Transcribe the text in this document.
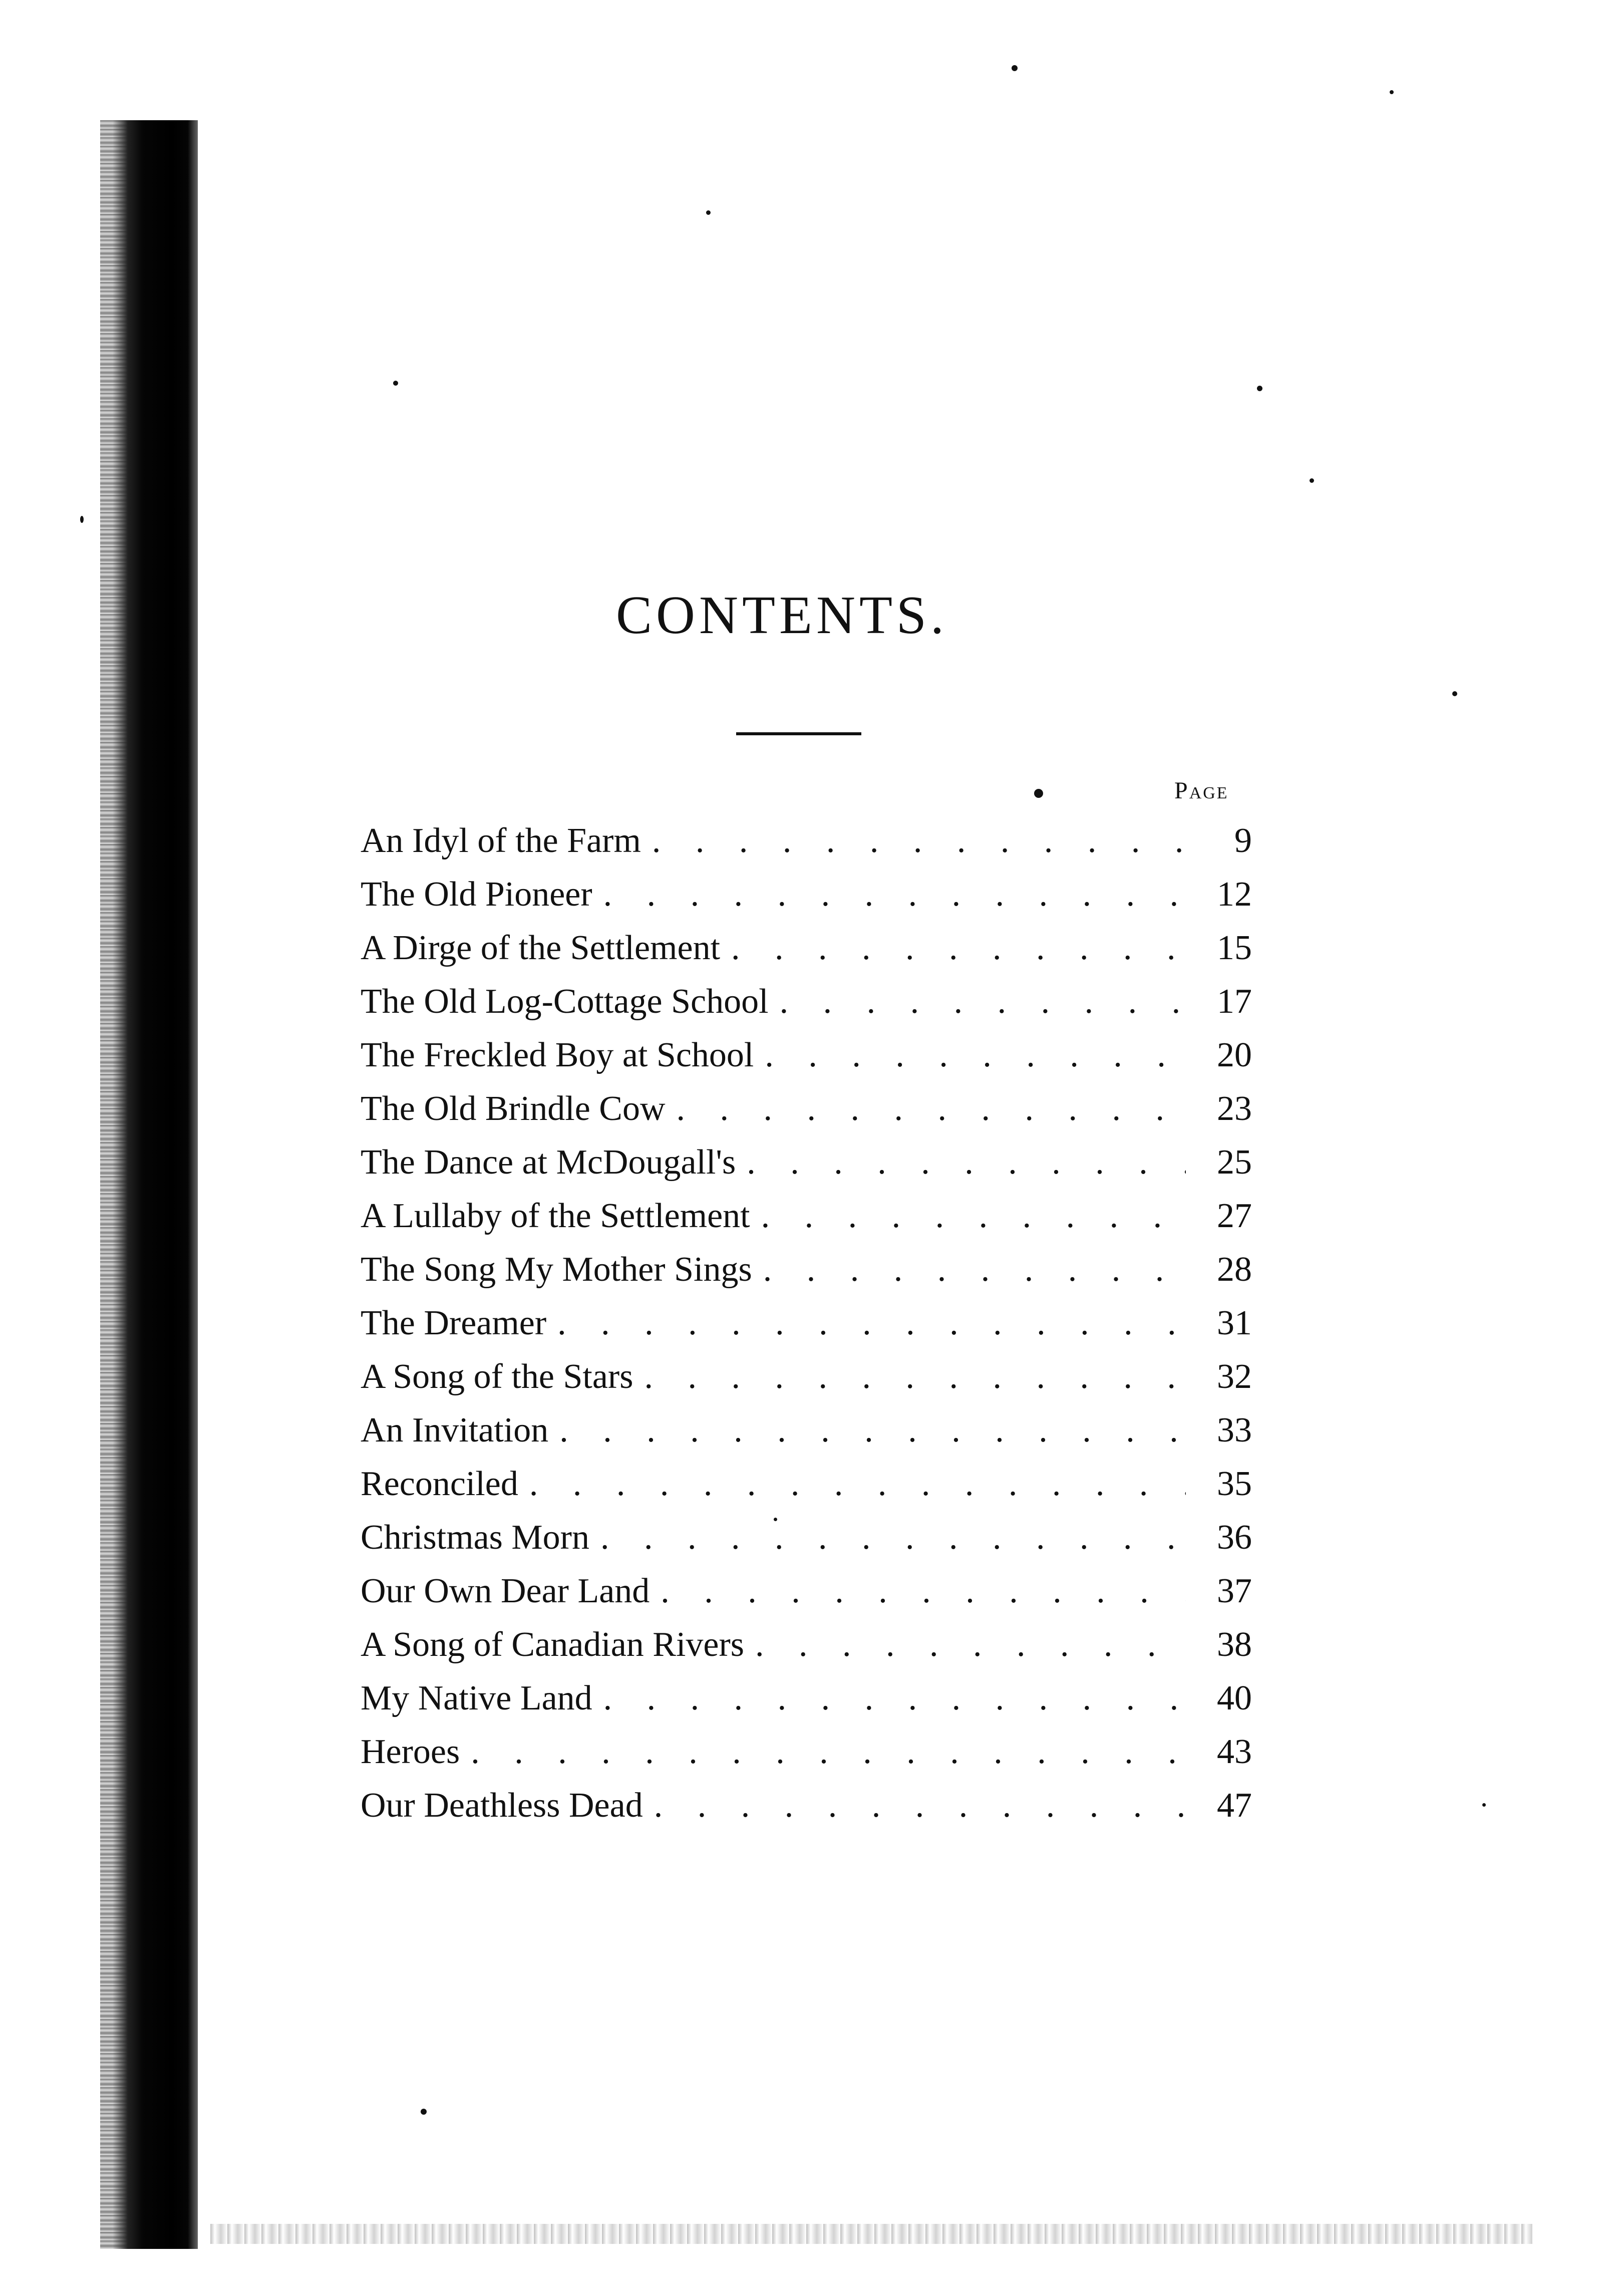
CONTENTS.
Page
An Idyl of the Farm . . .	9
The Old Pioneer . . .	12
A Dirge of the Settlement . . .	15
The Old Log-Cottage School . . .	17
The Freckled Boy at School . . .	20
The Old Brindle Cow . . .	23
The Dance at McDougall's . . .	25
A Lullaby of the Settlement . . .	27
The Song My Mother Sings . . .	28
The Dreamer . . .	31
A Song of the Stars . . .	32
An Invitation . . .	33
Reconciled . . .	35
Christmas Morn . . .	36
Our Own Dear Land . . .	37
A Song of Canadian Rivers . . .	38
My Native Land . . .	40
Heroes . . .	43
Our Deathless Dead . . .	47
